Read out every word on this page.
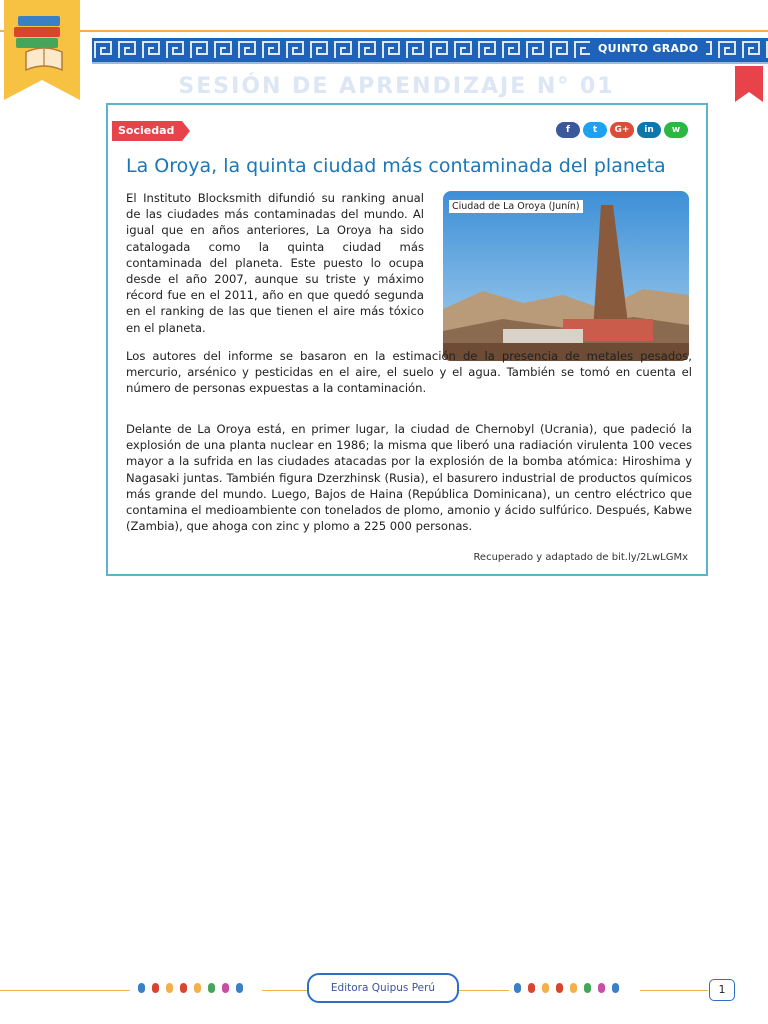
QUINTO GRADO
SESIÓN DE APRENDIZAJE N° 01
Sociedad	f	t	G+	in	w
La Oroya, la quinta ciudad más contaminada del planeta
El Instituto Blocksmith difundió su ranking anual de las ciudades más contaminadas del mundo. Al igual que en años anteriores, La Oroya ha sido catalogada como la quinta ciudad más contaminada del planeta. Este puesto lo ocupa desde el año 2007, aunque su triste y máximo récord fue en el 2011, año en que quedó segunda en el ranking de las que tienen el aire más tóxico en el planeta.
Ciudad de La Oroya (Junín)
Los autores del informe se basaron en la estimación de la presencia de metales pesados, mercurio, arsénico y pesticidas en el aire, el suelo y el agua. También se tomó en cuenta el número de personas expuestas a la contaminación.
Delante de La Oroya está, en primer lugar, la ciudad de Chernobyl (Ucrania), que padeció la explosión de una planta nuclear en 1986; la misma que liberó una radiación virulenta 100 veces mayor a la sufrida en las ciudades atacadas por la explosión de la bomba atómica: Hiroshima y Nagasaki juntas. También figura Dzerzhinsk (Rusia), el basurero industrial de productos químicos más grande del mundo. Luego, Bajos de Haina (República Dominicana), un centro eléctrico que contamina el medioambiente con tonelados de plomo, amonio y ácido sulfúrico. Después, Kabwe (Zambia), que ahoga con zinc y plomo a 225 000 personas.
Recuperado y adaptado de bit.ly/2LwLGMx
Editora Quipus Perú	1
